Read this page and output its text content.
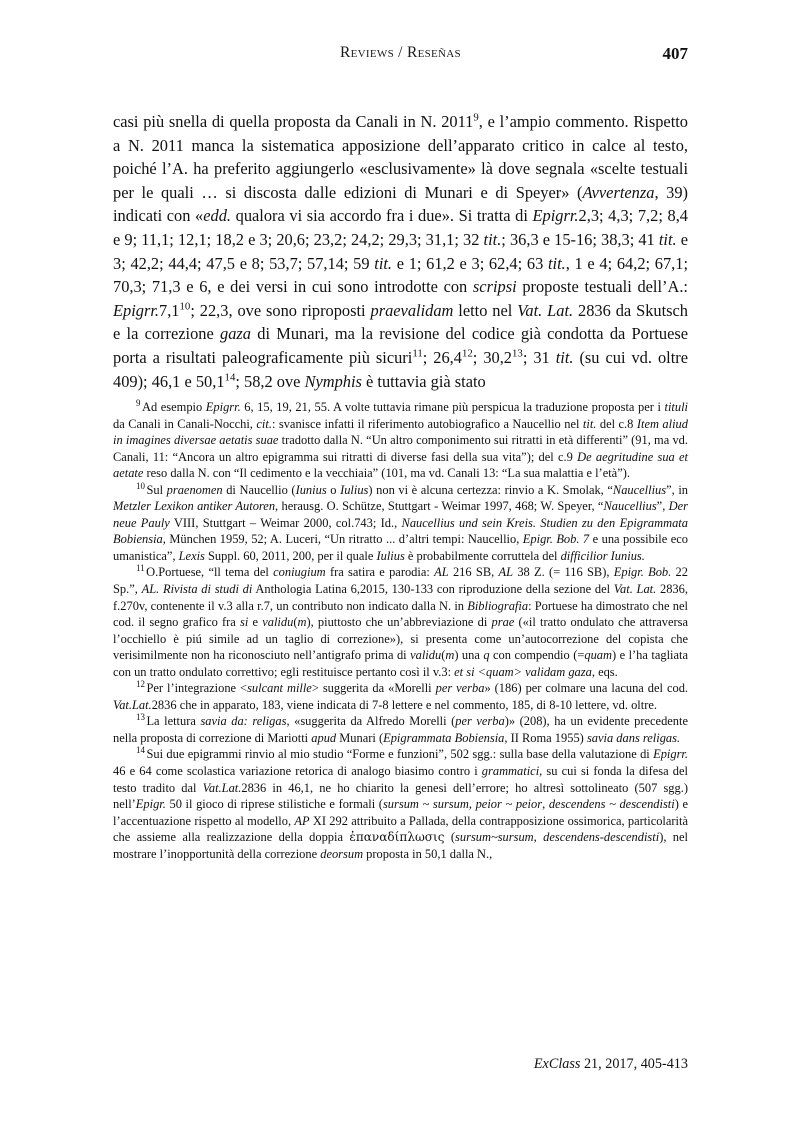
Reviews / Reseñas	407

casi più snella di quella proposta da Canali in N. 2011$^9$, e l’ampio commento. Rispetto a N. 2011 manca la sistematica apposizione dell’apparato critico in calce al testo, poiché l’A. ha preferito aggiungerlo «esclusivamente» là dove segnala «scelte testuali per le quali … si discosta dalle edizioni di Munari e di Speyer» (Avvertenza, 39) indicati con «edd. qualora vi sia accordo fra i due». Si tratta di Epigrr.2,3; 4,3; 7,2; 8,4 e 9; 11,1; 12,1; 18,2 e 3; 20,6; 23,2; 24,2; 29,3; 31,1; 32 tit.; 36,3 e 15-16; 38,3; 41 tit. e 3; 42,2; 44,4; 47,5 e 8; 53,7; 57,14; 59 tit. e 1; 61,2 e 3; 62,4; 63 tit., 1 e 4; 64,2; 67,1; 70,3; 71,3 e 6, e dei versi in cui sono introdotte con scripsi proposte testuali dell’A.: Epigrr.7,1$^{10}$; 22,3, ove sono riproposti praevalidam letto nel Vat. Lat. 2836 da Skutsch e la correzione gaza di Munari, ma la revisione del codice già condotta da Portuese porta a risultati paleograficamente più sicuri$^{11}$; 26,4$^{12}$; 30,2$^{13}$; 31 tit. (su cui vd. oltre 409); 46,1 e 50,1$^{14}$; 58,2 ove Nymphis è tuttavia già stato

$^9$ Ad esempio Epigrr. 6, 15, 19, 21, 55. A volte tuttavia rimane più perspicua la traduzione proposta per i tituli da Canali in Canali-Nocchi, cit.: svanisce infatti il riferimento autobiografico a Naucellio nel tit. del c.8 Item aliud in imagines diversae aetatis suae tradotto dalla N. “Un altro componimento sui ritratti in età differenti” (91, ma vd. Canali, 11: “Ancora un altro epigramma sui ritratti di diverse fasi della sua vita”); del c.9 De aegritudine sua et aetate reso dalla N. con “Il cedimento e la vecchiaia” (101, ma vd. Canali 13: “La sua malattia e l’età”).

$^{10}$ Sul praenomen di Naucellio (Iunius o Iulius) non vi è alcuna certezza: rinvio a K. Smolak, “Naucellius”, in Metzler Lexikon antiker Autoren, herausg. O. Schütze, Stuttgart - Weimar 1997, 468; W. Speyer, “Naucellius”, Der neue Pauly VIII, Stuttgart – Weimar 2000, col.743; Id., Naucellius und sein Kreis. Studien zu den Epigrammata Bobiensia, München 1959, 52; A. Luceri, “Un ritratto ... d’altri tempi: Naucellio, Epigr. Bob. 7 e una possibile eco umanistica”, Lexis Suppl. 60, 2011, 200, per il quale Iulius è probabilmente corruttela del difficilior Iunius.

$^{11}$ O.Portuese, “ll tema del coniugium fra satira e parodia: AL 216 SB, AL 38 Z. (= 116 SB), Epigr. Bob. 22 Sp.”, AL. Rivista di studi di Anthologia Latina 6,2015, 130-133 con riproduzione della sezione del Vat. Lat. 2836, f.270v, contenente il v.3 alla r.7, un contributo non indicato dalla N. in Bibliografia: Portuese ha dimostrato che nel cod. il segno grafico fra si e validu(m), piuttosto che un’abbreviazione di prae («il tratto ondulato che attraversa l’occhiello è piú simile ad un taglio di correzione»), si presenta come un’autocorrezione del copista che verisimilmente non ha riconosciuto nell’antigrafo prima di validu(m) una q con compendio (=quam) e l’ha tagliata con un tratto ondulato correttivo; egli restituisce pertanto così il v.3: et si <quam> validam gaza, eqs.

$^{12}$ Per l’integrazione <sulcant mille> suggerita da «Morelli per verba» (186) per colmare una lacuna del cod. Vat.Lat.2836 che in apparato, 183, viene indicata di 7-8 lettere e nel commento, 185, di 8-10 lettere, vd. oltre.

$^{13}$ La lettura savia da: religas, «suggerita da Alfredo Morelli (per verba)» (208), ha un evidente precedente nella proposta di correzione di Mariotti apud Munari (Epigrammata Bobiensia, II Roma 1955) savia dans religas.

$^{14}$ Sui due epigrammi rinvio al mio studio “Forme e funzioni”, 502 sgg.: sulla base della valutazione di Epigrr. 46 e 64 come scolastica variazione retorica di analogo biasimo contro i grammatici, su cui si fonda la difesa del testo tradito dal Vat.Lat.2836 in 46,1, ne ho chiarito la genesi dell’errore; ho altresì sottolineato (507 sgg.) nell’Epigr. 50 il gioco di riprese stilistiche e formali (sursum ~ sursum, peior ~ peior, descendens ~ descendisti) e l’accentuazione rispetto al modello, AP XI 292 attribuito a Pallada, della contrapposizione ossimorica, particolarità che assieme alla realizzazione della doppia ἐπαναδίπλωσις (sursum~sursum, descendens-descendisti), nel mostrare l’inopportunità della correzione deorsum proposta in 50,1 dalla N.,

ExClass 21, 2017, 405-413
